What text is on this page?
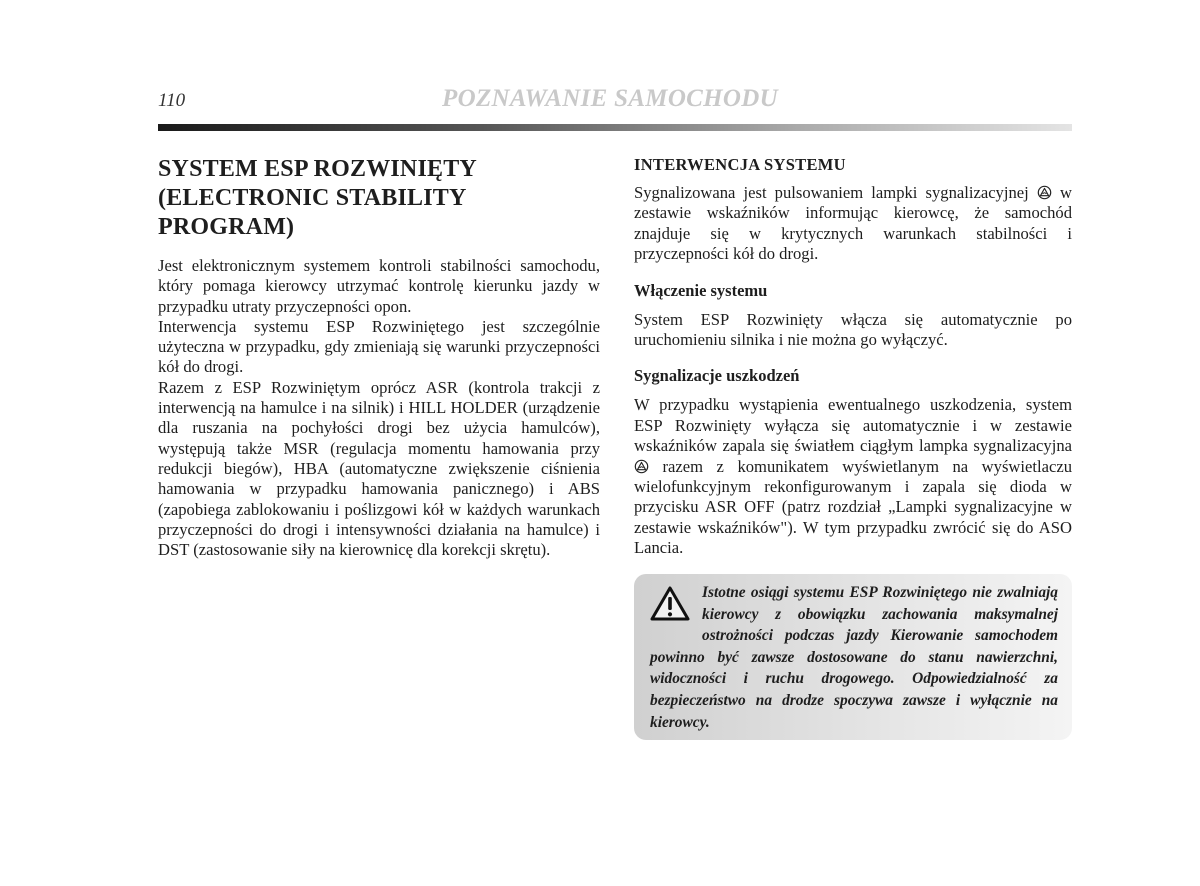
110	POZNAWANIE SAMOCHODU
SYSTEM ESP ROZWINIĘTY (ELECTRONIC STABILITY PROGRAM)

Jest elektronicznym systemem kontroli stabilności samochodu, który pomaga kierowcy utrzymać kontrolę kierunku jazdy w przypadku utraty przyczepności opon.

Interwencja systemu ESP Rozwiniętego jest szczególnie użyteczna w przypadku, gdy zmieniają się warunki przyczepności kół do drogi.

Razem z ESP Rozwiniętym oprócz ASR (kontrola trakcji z interwencją na hamulce i na silnik) i HILL HOLDER (urządzenie dla ruszania na pochyłości drogi bez użycia hamulców), występują także MSR (regulacja momentu hamowania przy redukcji biegów), HBA (automatyczne zwiększenie ciśnienia hamowania w przypadku hamowania panicznego) i ABS (zapobiega zablokowaniu i poślizgowi kół w każdych warunkach przyczepności do drogi i intensywności działania na hamulce) i DST (zastosowanie siły na kierownicę dla korekcji skrętu).

INTERWENCJA SYSTEMU

Sygnalizowana jest pulsowaniem lampki sygnalizacyjnej w zestawie wskaźników informując kierowcę, że samochód znajduje się w krytycznych warunkach stabilności i przyczepności kół do drogi.

Włączenie systemu

System ESP Rozwinięty włącza się automatycznie po uruchomieniu silnika i nie można go wyłączyć.

Sygnalizacje uszkodzeń

W przypadku wystąpienia ewentualnego uszkodzenia, system ESP Rozwinięty wyłącza się automatycznie i w zestawie wskaźników zapala się światłem ciągłym lampka sygnalizacyjna  razem z komunikatem wyświetlanym na wyświetlaczu wielofunkcyjnym rekonfigurowanym i zapala się dioda w przycisku ASR OFF (patrz rozdział „Lampki sygnalizacyjne w zestawie wskaźników"). W tym przypadku zwrócić się do ASO Lancia.

Istotne osiągi systemu ESP Rozwiniętego nie zwalniają kierowcy z obowiązku zachowania maksymalnej ostrożności podczas jazdy Kierowanie samochodem powinno być zawsze dostosowane do stanu nawierzchni, widoczności i ruchu drogowego. Odpowiedzialność za bezpieczeństwo na drodze spoczywa zawsze i wyłącznie na kierowcy.
